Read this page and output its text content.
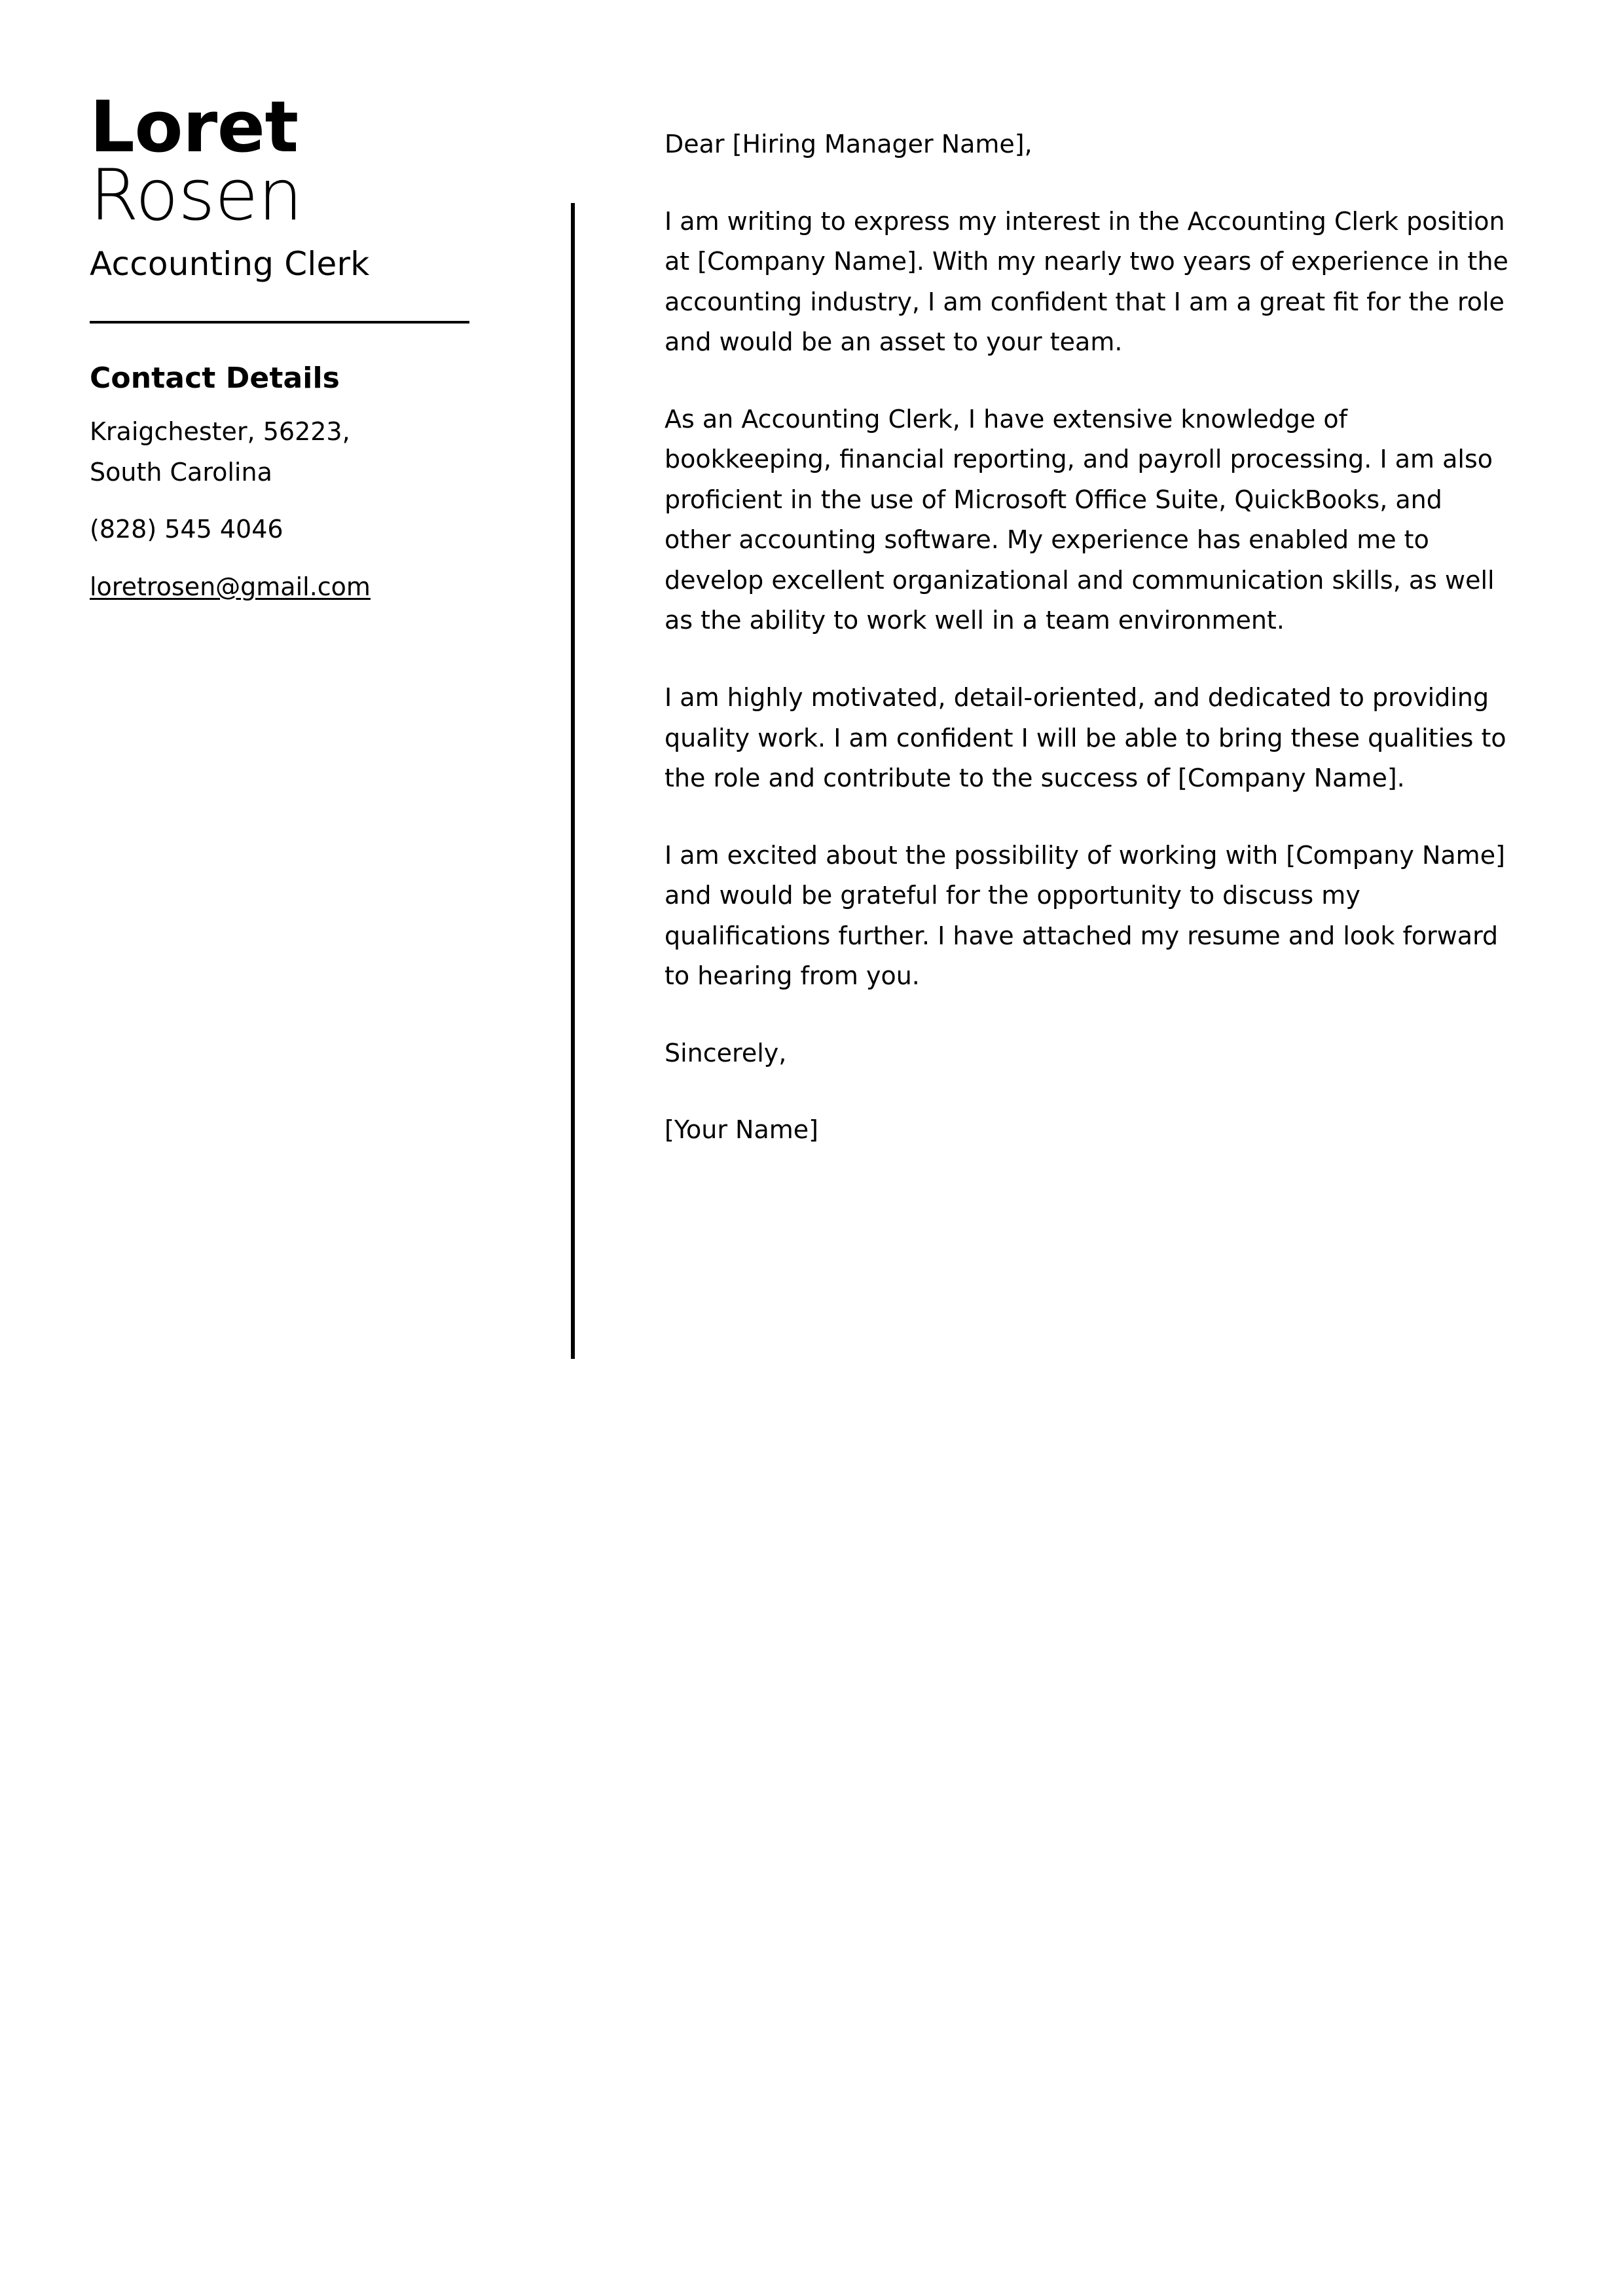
Loret
Rosen
Accounting Clerk
Contact Details
Kraigchester, 56223, South Carolina
(828) 545 4046
loretrosen@gmail.com

Dear [Hiring Manager Name],

I am writing to express my interest in the Accounting Clerk position at [Company Name]. With my nearly two years of experience in the accounting industry, I am confident that I am a great fit for the role and would be an asset to your team.

As an Accounting Clerk, I have extensive knowledge of bookkeeping, financial reporting, and payroll processing. I am also proficient in the use of Microsoft Office Suite, QuickBooks, and other accounting software. My experience has enabled me to develop excellent organizational and communication skills, as well as the ability to work well in a team environment.

I am highly motivated, detail-oriented, and dedicated to providing quality work. I am confident I will be able to bring these qualities to the role and contribute to the success of [Company Name].

I am excited about the possibility of working with [Company Name] and would be grateful for the opportunity to discuss my qualifications further. I have attached my resume and look forward to hearing from you.

Sincerely,

[Your Name]
